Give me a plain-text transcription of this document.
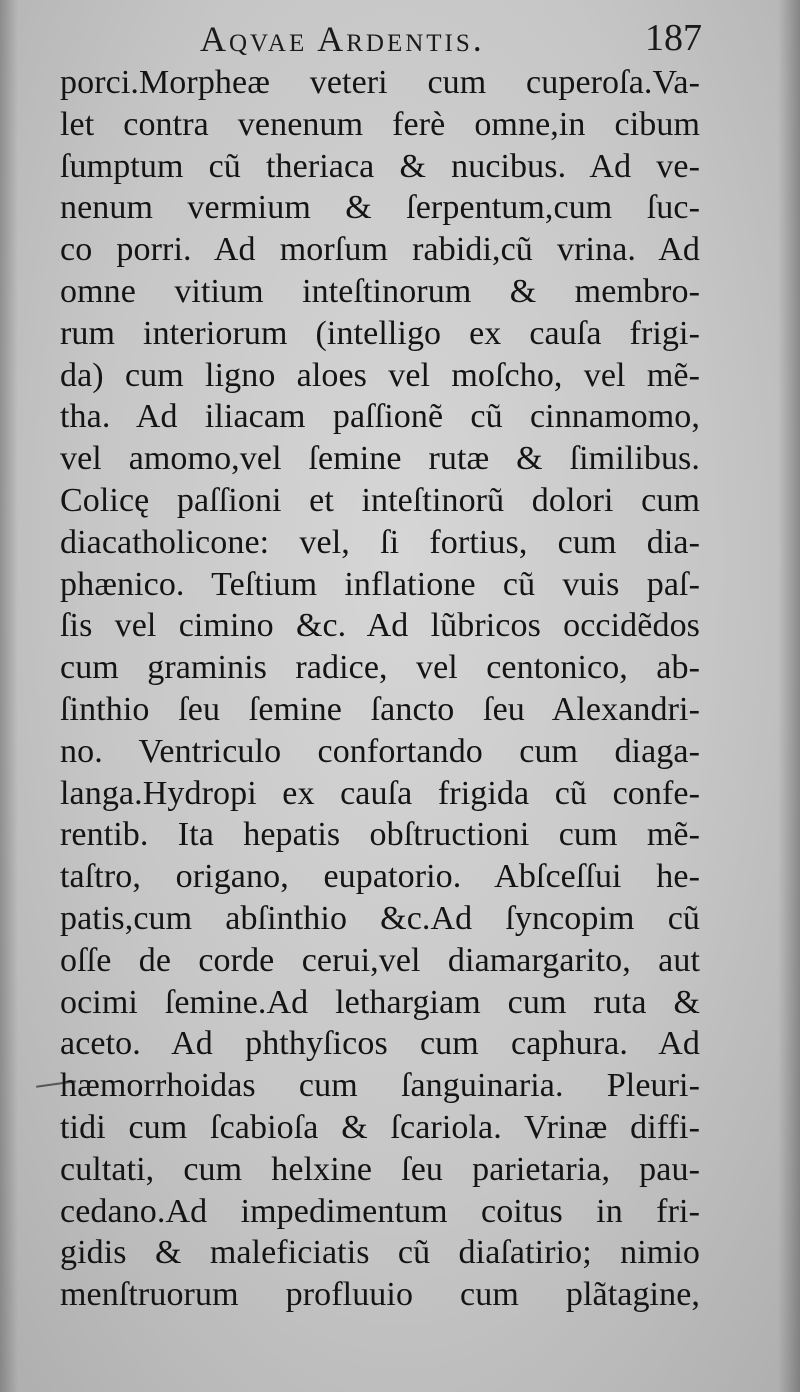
Aqvae Ardentis.	187
porci.Morpheæ veteri cum cuperoſa.Va-
let contra venenum ferè omne,in cibum
ſumptum cũ theriaca & nucibus. Ad ve-
nenum vermium & ſerpentum,cum ſuc-
co porri. Ad morſum rabidi,cũ vrina. Ad
omne vitium inteſtinorum & membro-
rum interiorum (intelligo ex cauſa frigi-
da) cum ligno aloes vel moſcho, vel mẽ-
tha. Ad iliacam paſſionẽ cũ cinnamomo,
vel amomo,vel ſemine rutæ & ſimilibus.
Colicę paſſioni et inteſtinorũ dolori cum
diacatholicone: vel, ſi fortius, cum dia-
phænico. Teſtium inflatione cũ vuis paſ-
ſis vel cimino &c. Ad lũbricos occidẽdos
cum graminis radice, vel centonico, ab-
ſinthio ſeu ſemine ſancto ſeu Alexandri-
no. Ventriculo confortando cum diaga-
langa.Hydropi ex cauſa frigida cũ confe-
rentib. Ita hepatis obſtructioni cum mẽ-
taſtro, origano, eupatorio. Abſceſſui he-
patis,cum abſinthio &c.Ad ſyncopim cũ
oſſe de corde cerui,vel diamargarito, aut
ocimi ſemine.Ad lethargiam cum ruta &
aceto. Ad phthyſicos cum caphura. Ad
hæmorrhoidas cum ſanguinaria. Pleuri-
tidi cum ſcabioſa & ſcariola. Vrinæ diffi-
cultati, cum helxine ſeu parietaria, pau-
cedano.Ad impedimentum coitus in fri-
gidis & maleficiatis cũ diaſatirio; nimio
menſtruorum profluuio cum plãtagine,
